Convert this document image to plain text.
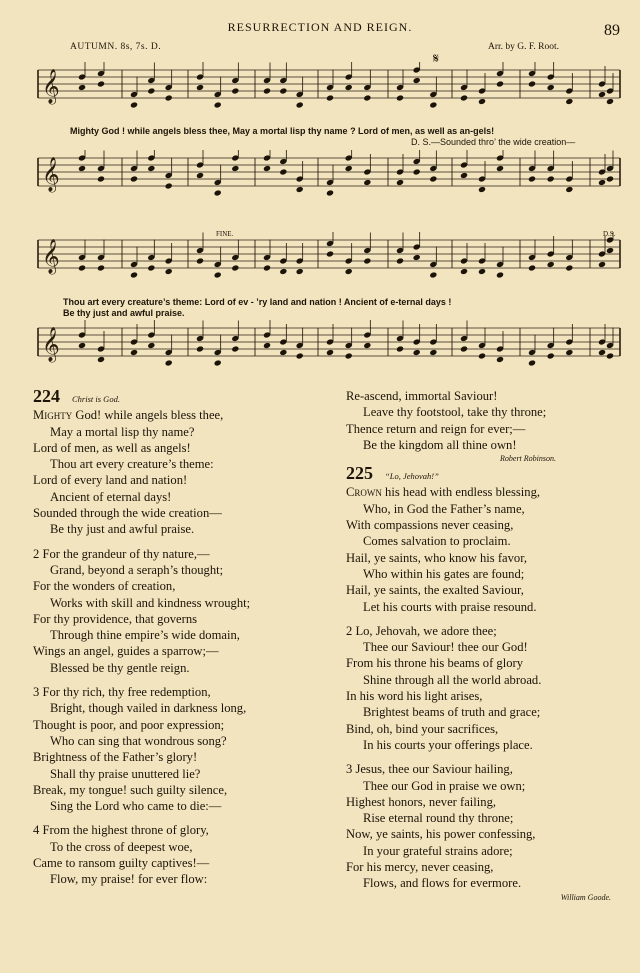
RESURRECTION AND REIGN.	89
AUTUMN. 8s, 7s. D.	Arr. by G. F. Root.
𝄋
𝄞
Mighty God ! while angels bless thee, May a mortal lisp thy name ? Lord of men, as well as an-gels!
D. S.—Sounded thro’ the wide creation—
𝄞
FINE.	D.S.
𝄞
Thou art every creature’s theme: Lord of ev - ’ry land and nation ! Ancient of e-ternal days !
Be thy just and awful praise.
𝄞
224 Christ is God.
Mighty God! while angels bless thee,
May a mortal lisp thy name?
Lord of men, as well as angels!
Thou art every creature’s theme:
Lord of every land and nation!
Ancient of eternal days!
Sounded through the wide creation—
Be thy just and awful praise.
2 For the grandeur of thy nature,—
Grand, beyond a seraph’s thought;
For the wonders of creation,
Works with skill and kindness wrought;
For thy providence, that governs
Through thine empire’s wide domain,
Wings an angel, guides a sparrow;—
Blessed be thy gentle reign.
3 For thy rich, thy free redemption,
Bright, though vailed in darkness long,
Thought is poor, and poor expression;
Who can sing that wondrous song?
Brightness of the Father’s glory!
Shall thy praise unuttered lie?
Break, my tongue! such guilty silence,
Sing the Lord who came to die:—
4 From the highest throne of glory,
To the cross of deepest woe,
Came to ransom guilty captives!—
Flow, my praise! for ever flow:
Re-ascend, immortal Saviour!
Leave thy footstool, take thy throne;
Thence return and reign for ever;—
Be the kingdom all thine own!
Robert Robinson.
225 “Lo, Jehovah!”
Crown his head with endless blessing,
Who, in God the Father’s name,
With compassions never ceasing,
Comes salvation to proclaim.
Hail, ye saints, who know his favor,
Who within his gates are found;
Hail, ye saints, the exalted Saviour,
Let his courts with praise resound.
2 Lo, Jehovah, we adore thee;
Thee our Saviour! thee our God!
From his throne his beams of glory
Shine through all the world abroad.
In his word his light arises,
Brightest beams of truth and grace;
Bind, oh, bind your sacrifices,
In his courts your offerings place.
3 Jesus, thee our Saviour hailing,
Thee our God in praise we own;
Highest honors, never failing,
Rise eternal round thy throne;
Now, ye saints, his power confessing,
In your grateful strains adore;
For his mercy, never ceasing,
Flows, and flows for evermore.
William Goode.
